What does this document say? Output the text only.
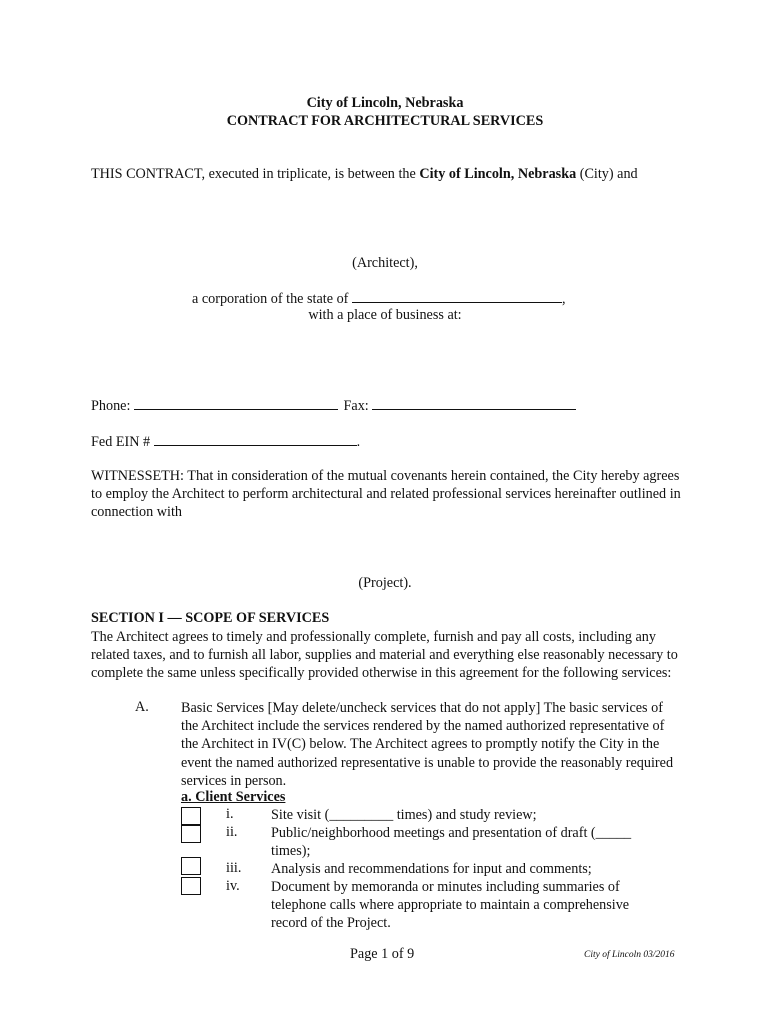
City of Lincoln, Nebraska
CONTRACT FOR ARCHITECTURAL SERVICES
THIS CONTRACT, executed in triplicate, is between the City of Lincoln, Nebraska (City) and
(Architect),
a corporation of the state of	,
with a place of business at:
Phone:	Fax:
Fed EIN #	.
WITNESSETH: That in consideration of the mutual covenants herein contained, the City hereby agrees to employ the Architect to perform architectural and related professional services hereinafter outlined in connection with
(Project).
SECTION I — SCOPE OF SERVICES
The Architect agrees to timely and professionally complete, furnish and pay all costs, including any related taxes, and to furnish all labor, supplies and material and everything else reasonably necessary to complete the same unless specifically provided otherwise in this agreement for the following services:
A. Basic Services [May delete/uncheck services that do not apply] The basic services of the Architect include the services rendered by the named authorized representative of the Architect in IV(C) below. The Architect agrees to promptly notify the City in the event the named authorized representative is unable to provide the reasonably required services in person.
a. Client Services
i.	Site visit (_________ times) and study review;
ii. Public/neighborhood meetings and presentation of draft (_____ times);
iii. Analysis and recommendations for input and comments;
iv. Document by memoranda or minutes including summaries of telephone calls where appropriate to maintain a comprehensive record of the Project.
Page 1 of 9	City of Lincoln 03/2016
